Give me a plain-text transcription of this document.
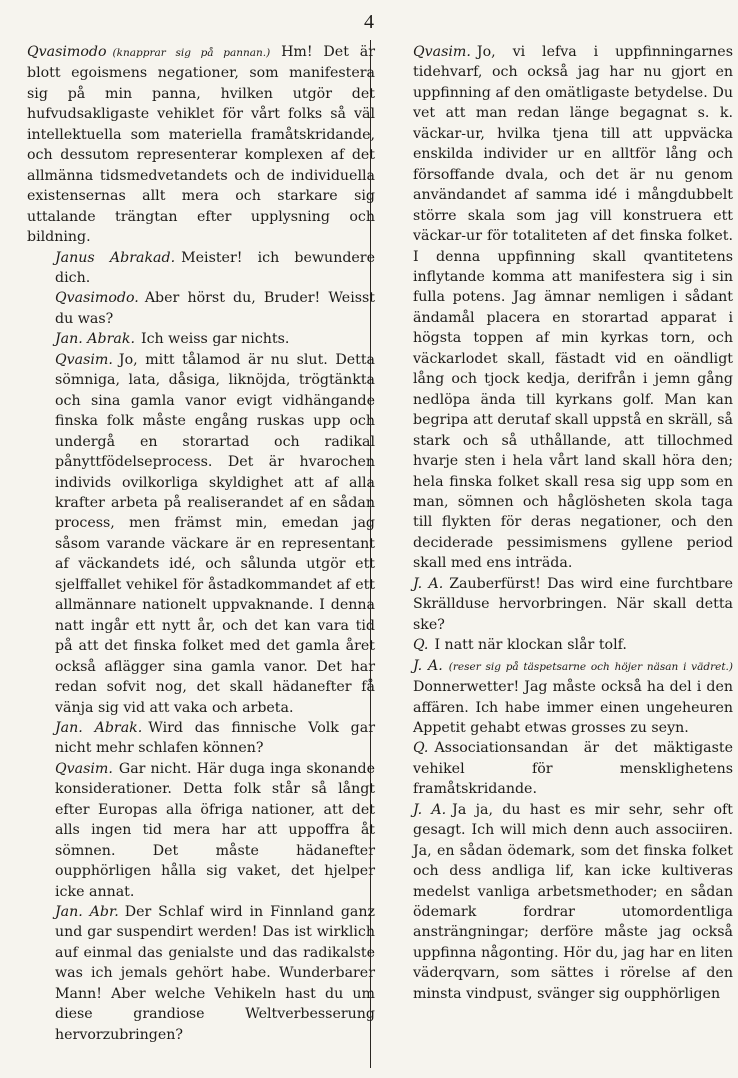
4

Qvasimodo (knapprar sig på pannan.) Hm! Det är blott egoismens negationer, som manifestera sig på min panna, hvilken utgör det hufvudsakligaste vehiklet för vårt folks så väl intellektuella som materiella framåtskridande, och dessutom representerar komplexen af det allmänna tidsmedvetandets och de individuella existensernas allt mera och starkare sig uttalande trängtan efter upplysning och bildning.

Janus Abrakad. Meister! ich bewundere dich.

Qvasimodo. Aber hörst du, Bruder! Weisst du was?

Jan. Abrak. Ich weiss gar nichts.

Qvasim. Jo, mitt tålamod är nu slut. Detta sömniga, lata, dåsiga, liknöjda, trögtänkta och sina gamla vanor evigt vidhängande finska folk måste engång ruskas upp och undergå en storartad och radikal pånyttfödelseprocess. Det är hvarochen individs ovilkorliga skyldighet att af alla krafter arbeta på realiserandet af en sådan process, men främst min, emedan jag såsom varande väckare är en representant af väckandets idé, och sålunda utgör ett sjelffallet vehikel för åstadkommandet af ett allmännare nationelt uppvaknande. I denna natt ingår ett nytt år, och det kan vara tid på att det finska folket med det gamla året också aflägger sina gamla vanor. Det har redan sofvit nog, det skall hädanefter få vänja sig vid att vaka och arbeta.

Jan. Abrak. Wird das finnische Volk gar nicht mehr schlafen können?

Qvasim. Gar nicht. Här duga inga skonande konsiderationer. Detta folk står så långt efter Europas alla öfriga nationer, att det alls ingen tid mera har att uppoffra åt sömnen. Det måste hädanefter oupphörligen hålla sig vaket, det hjelper icke annat.

Jan. Abr. Der Schlaf wird in Finnland ganz und gar suspendirt werden! Das ist wirklich auf einmal das genialste und das radikalste was ich jemals gehört habe. Wunderbarer Mann! Aber welche Vehikeln hast du um diese grandiose Weltverbesserung hervorzubringen?

Qvasim. Jo, vi lefva i uppfinningarnes tidehvarf, och också jag har nu gjort en uppfinning af den omätligaste betydelse. Du vet att man redan länge begagnat s. k. väckar-ur, hvilka tjena till att uppväcka enskilda individer ur en alltför lång och försoffande dvala, och det är nu genom användandet af samma idé i mångdubbelt större skala som jag vill konstruera ett väckar-ur för totaliteten af det finska folket. I denna uppfinning skall qvantitetens inflytande komma att manifestera sig i sin fulla potens. Jag ämnar nemligen i sådant ändamål placera en storartad apparat i högsta toppen af min kyrkas torn, och väckarlodet skall, fästadt vid en oändligt lång och tjock kedja, derifrån i jemn gång nedlöpa ända till kyrkans golf. Man kan begripa att derutaf skall uppstå en skräll, så stark och så uthållande, att tillochmed hvarje sten i hela vårt land skall höra den; hela finska folket skall resa sig upp som en man, sömnen och håglösheten skola taga till flykten för deras negationer, och den deciderade pessimismens gyllene period skall med ens inträda.

J. A. Zauberfürst! Das wird eine furchtbare Skrällduse hervorbringen. När skall detta ske?

Q. I natt när klockan slår tolf.

J. A. (reser sig på täspetsarne och höjer näsan i vädret.) Donnerwetter! Jag måste också ha del i den affären. Ich habe immer einen ungeheuren Appetit gehabt etwas grosses zu seyn.

Q. Associationsandan är det mäktigaste vehikel för mensklighetens framåtskridande.

J. A. Ja ja, du hast es mir sehr, sehr oft gesagt. Ich will mich denn auch associiren. Ja, en sådan ödemark, som det finska folket och dess andliga lif, kan icke kultiveras medelst vanliga arbetsmethoder; en sådan ödemark fordrar utomordentliga ansträngningar; derföre måste jag också uppfinna någonting. Hör du, jag har en liten väderqvarn, som sättes i rörelse af den minsta vindpust, svänger sig oupphörligen
